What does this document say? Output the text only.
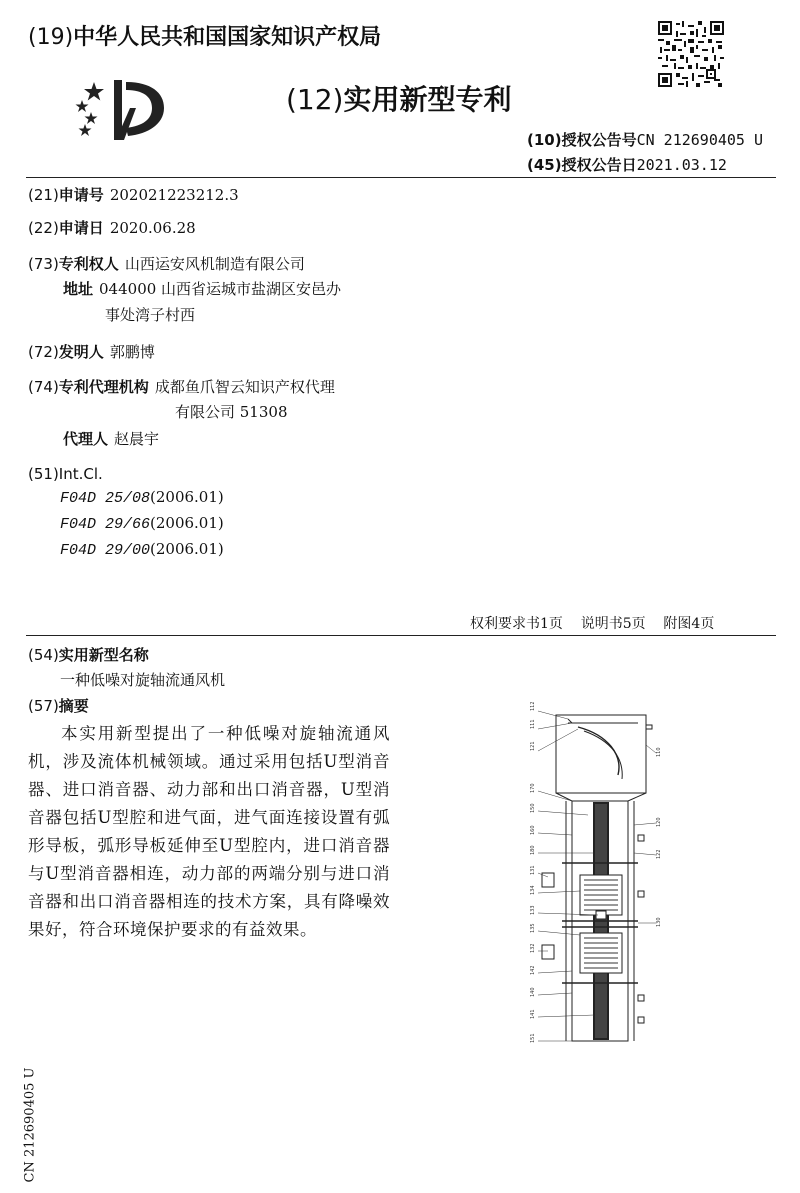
(19)中华人民共和国国家知识产权局
(12)实用新型专利
(10)授权公告号CN 212690405 U
(45)授权公告日2021.03.12
(21)申请号 202021223212.3
(22)申请日 2020.06.28
(73)专利权人 山西运安风机制造有限公司
地址 044000 山西省运城市盐湖区安邑办
事处湾子村西
(72)发明人 郭鹏博
(74)专利代理机构 成都鱼爪智云知识产权代理
有限公司 51308
代理人 赵晨宇
(51)Int.Cl.
F04D 25/08(2006.01)
F04D 29/66(2006.01)
F04D 29/00(2006.01)
权利要求书1页    说明书5页    附图4页
(54)实用新型名称
一种低噪对旋轴流通风机
(57)摘要
本实用新型提出了一种低噪对旋轴流通风机，涉及流体机械领域。通过采用包括U型消音器、进口消音器、动力部和出口消音器，U型消音器包括U型腔和进气面，进气面连接设置有弧形导板，弧形导板延伸至U型腔内，进口消音器与U型消音器相连，动力部的两端分别与进口消音器和出口消音器相连的技术方案，具有降噪效果好，符合环境保护要求的有益效果。
112
111
121
110
120
122
150
130
160
140
131
133
134
135
132
142
141
170
180
151
CN 212690405 U
